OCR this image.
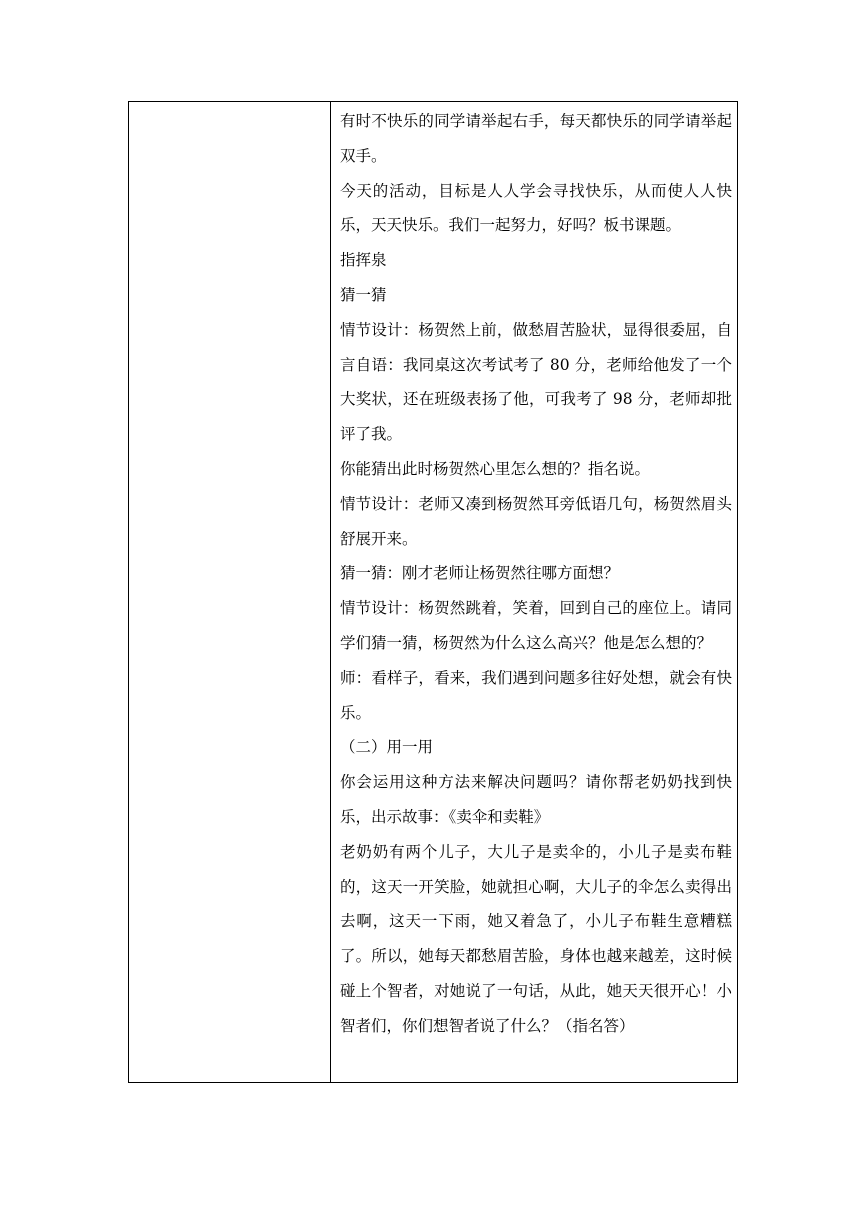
有时不快乐的同学请举起右手，每天都快乐的同学请举起双手。

今天的活动，目标是人人学会寻找快乐，从而使人人快乐，天天快乐。我们一起努力，好吗？板书课题。

指挥泉

猜一猜

情节设计：杨贺然上前，做愁眉苦脸状，显得很委屈，自言自语：我同桌这次考试考了 80 分，老师给他发了一个大奖状，还在班级表扬了他，可我考了 98 分，老师却批评了我。

你能猜出此时杨贺然心里怎么想的？指名说。

情节设计：老师又凑到杨贺然耳旁低语几句，杨贺然眉头舒展开来。

猜一猜：刚才老师让杨贺然往哪方面想？

情节设计：杨贺然跳着，笑着，回到自己的座位上。请同学们猜一猜，杨贺然为什么这么高兴？他是怎么想的？

师：看样子，看来，我们遇到问题多往好处想，就会有快乐。

（二）用一用

你会运用这种方法来解决问题吗？请你帮老奶奶找到快乐，出示故事：《卖伞和卖鞋》

老奶奶有两个儿子，大儿子是卖伞的，小儿子是卖布鞋的，这天一开笑脸，她就担心啊，大儿子的伞怎么卖得出去啊，这天一下雨，她又着急了，小儿子布鞋生意糟糕了。所以，她每天都愁眉苦脸，身体也越来越差，这时候碰上个智者，对她说了一句话，从此，她天天很开心！小智者们，你们想智者说了什么？（指名答）
